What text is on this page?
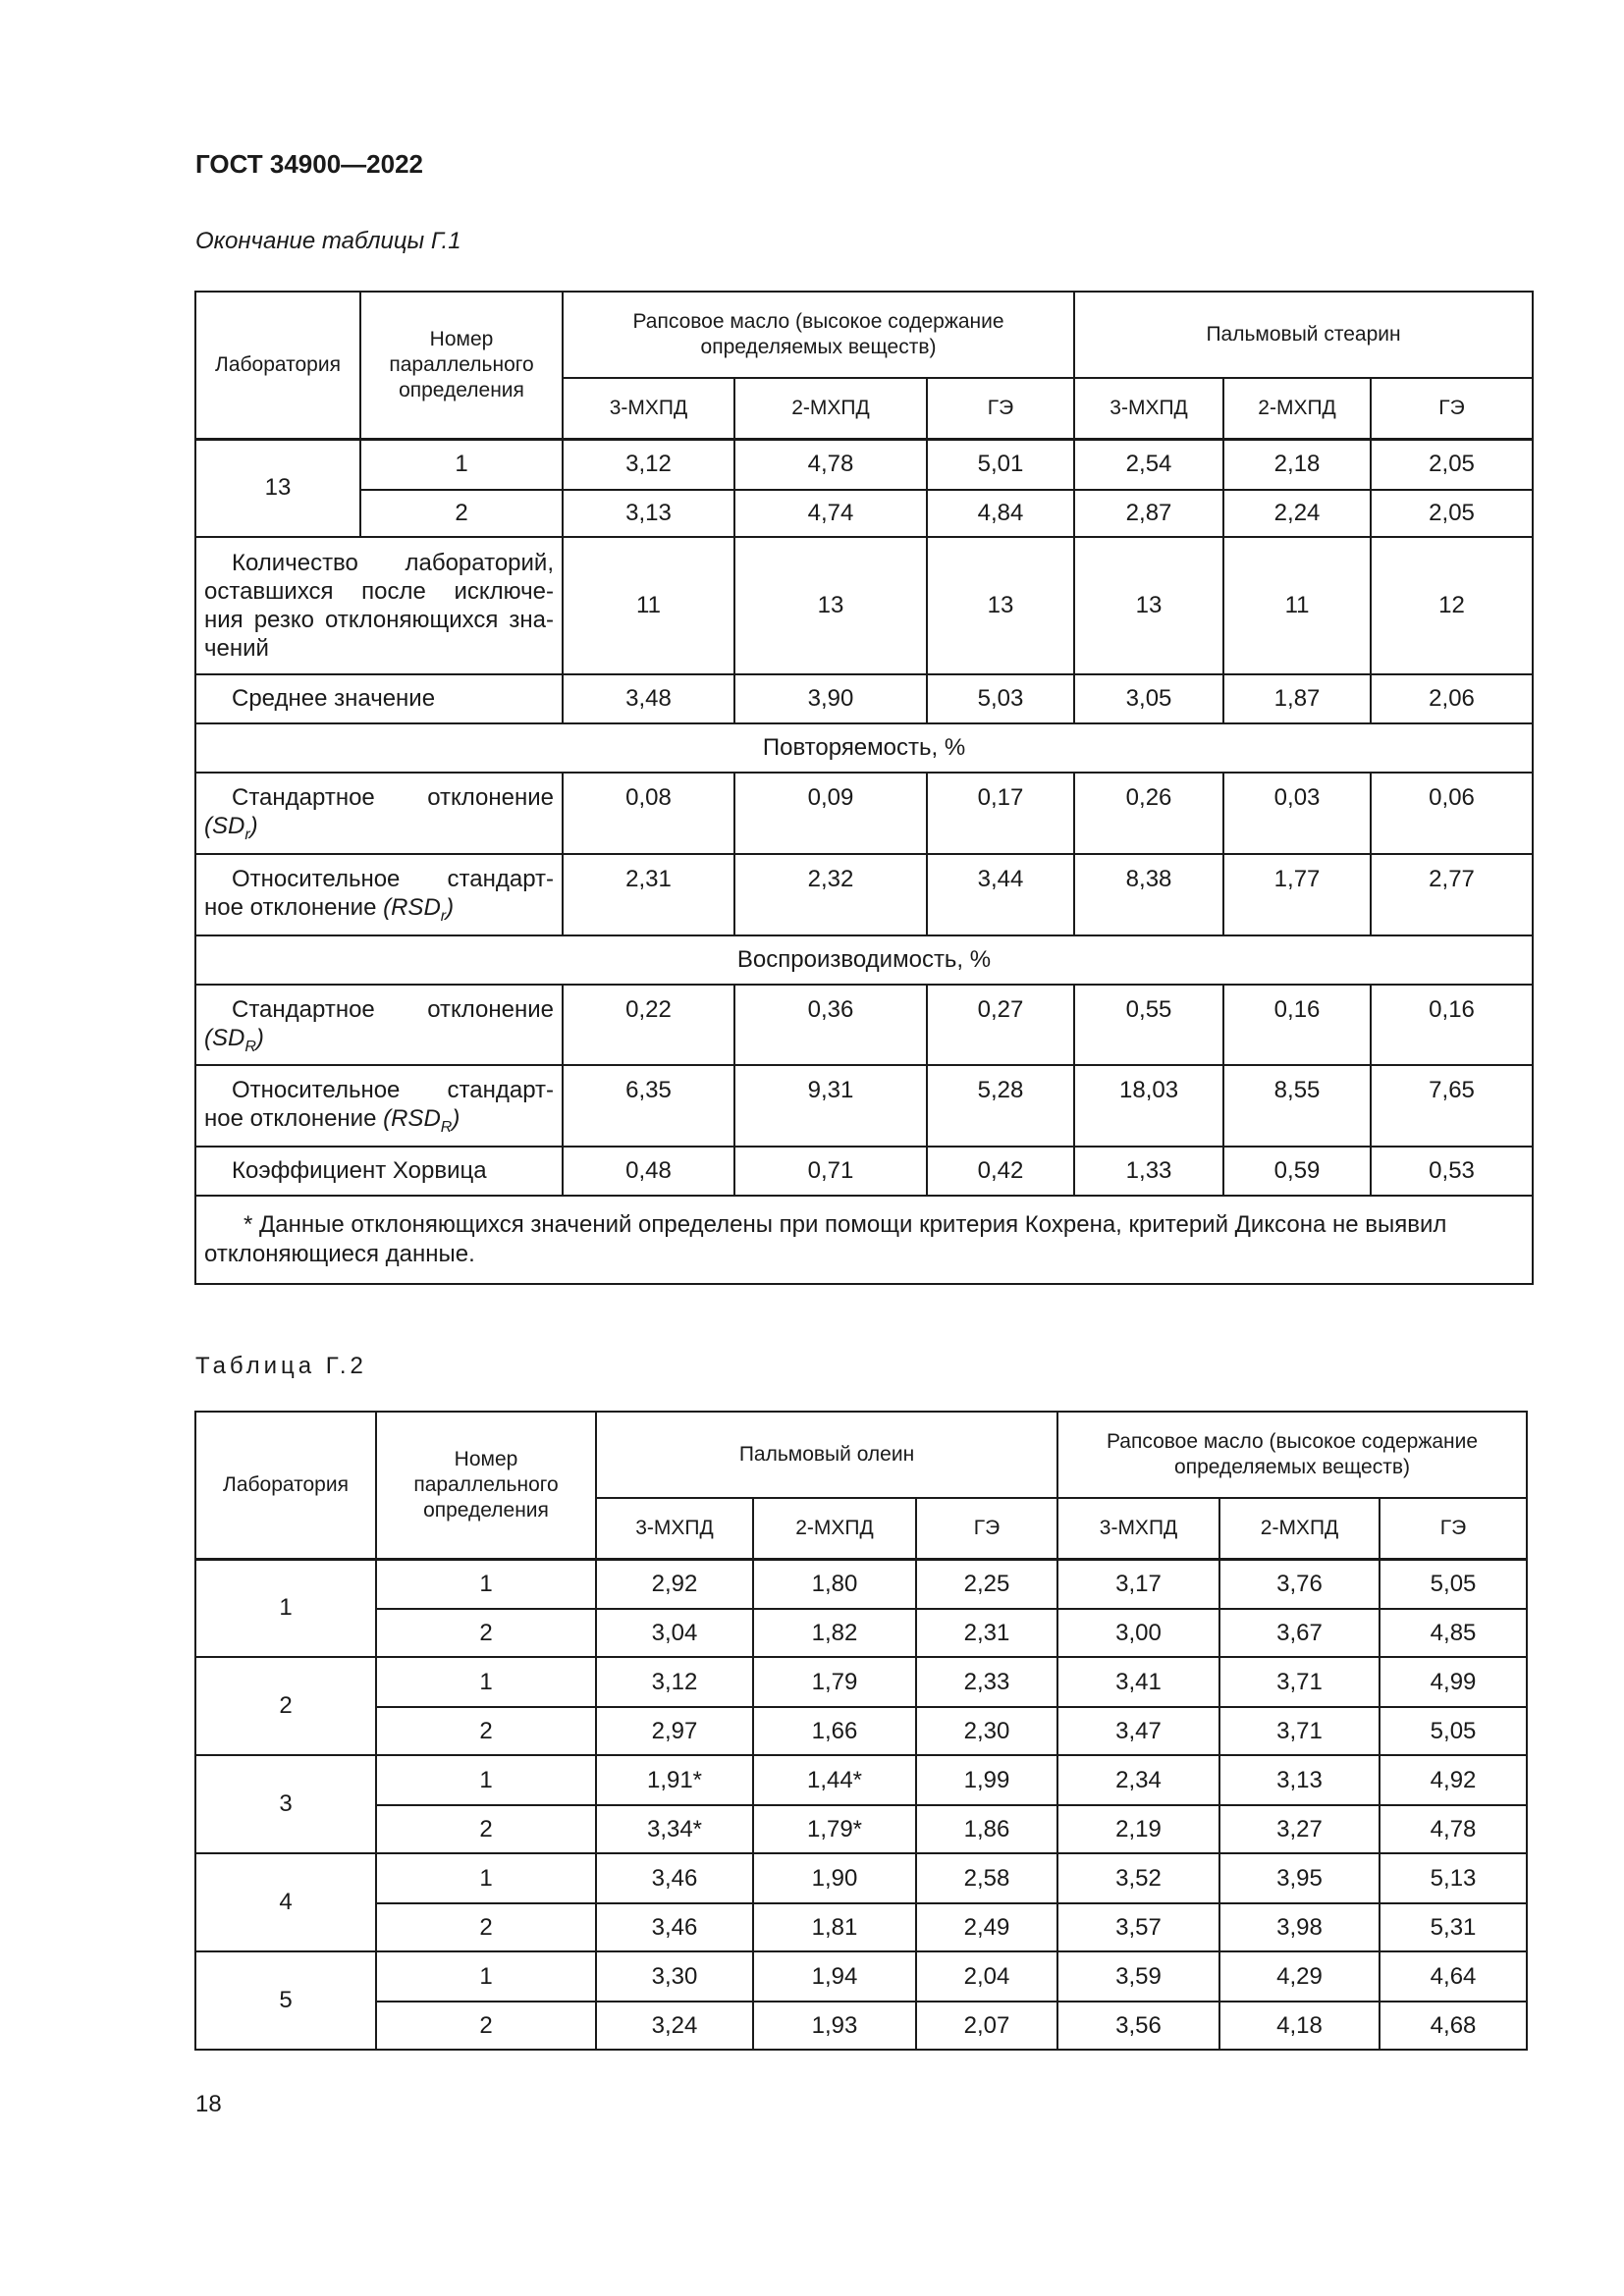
ГОСТ 34900—2022
Окончание таблицы Г.1
Лаборатория	Номер параллельного определения	Рапсовое масло (высокое содержание определяемых веществ)			Пальмовый стеарин		
		3-МХПД	2-МХПД	ГЭ	3-МХПД	2-МХПД	ГЭ
13	1	3,12	4,78	5,01	2,54	2,18	2,05
	2	3,13	4,74	4,84	2,87	2,24	2,05

Количество лабораторий,
оставшихся после исключе-
ния резко отклоняющихся зна-
чений		11	13	13	13	11	12
Среднее значение		3,48	3,90	5,03	3,05	1,87	2,06
Повторяемость, %							

Стандартное отклонение
$(SD_r)$		0,08	0,09	0,17	0,26	0,03	0,06

Относительное стандарт-
ное отклонение $(RSD_r)$		2,31	2,32	3,44	8,38	1,77	2,77
Воспроизводимость, %							

Стандартное отклонение
$(SD_R)$		0,22	0,36	0,27	0,55	0,16	0,16

Относительное стандарт-
ное отклонение $(RSD_R)$		6,35	9,31	5,28	18,03	8,55	7,65
Коэффициент Хорвица		0,48	0,71	0,42	1,33	0,59	0,53

* Данные отклоняющихся значений определены при помощи критерия Кохрена, критерий Диксона не выявил
отклоняющиеся данные.							
Таблица Г.2
Лаборатория	Номер параллельного определения	Пальмовый олеин			Рапсовое масло (высокое содержание определяемых веществ)		
		3-МХПД	2-МХПД	ГЭ	3-МХПД	2-МХПД	ГЭ
1	1	2,92	1,80	2,25	3,17	3,76	5,05
	2	3,04	1,82	2,31	3,00	3,67	4,85
2	1	3,12	1,79	2,33	3,41	3,71	4,99
	2	2,97	1,66	2,30	3,47	3,71	5,05
3	1	1,91*	1,44*	1,99	2,34	3,13	4,92
	2	3,34*	1,79*	1,86	2,19	3,27	4,78
4	1	3,46	1,90	2,58	3,52	3,95	5,13
	2	3,46	1,81	2,49	3,57	3,98	5,31
5	1	3,30	1,94	2,04	3,59	4,29	4,64
	2	3,24	1,93	2,07	3,56	4,18	4,68
18
